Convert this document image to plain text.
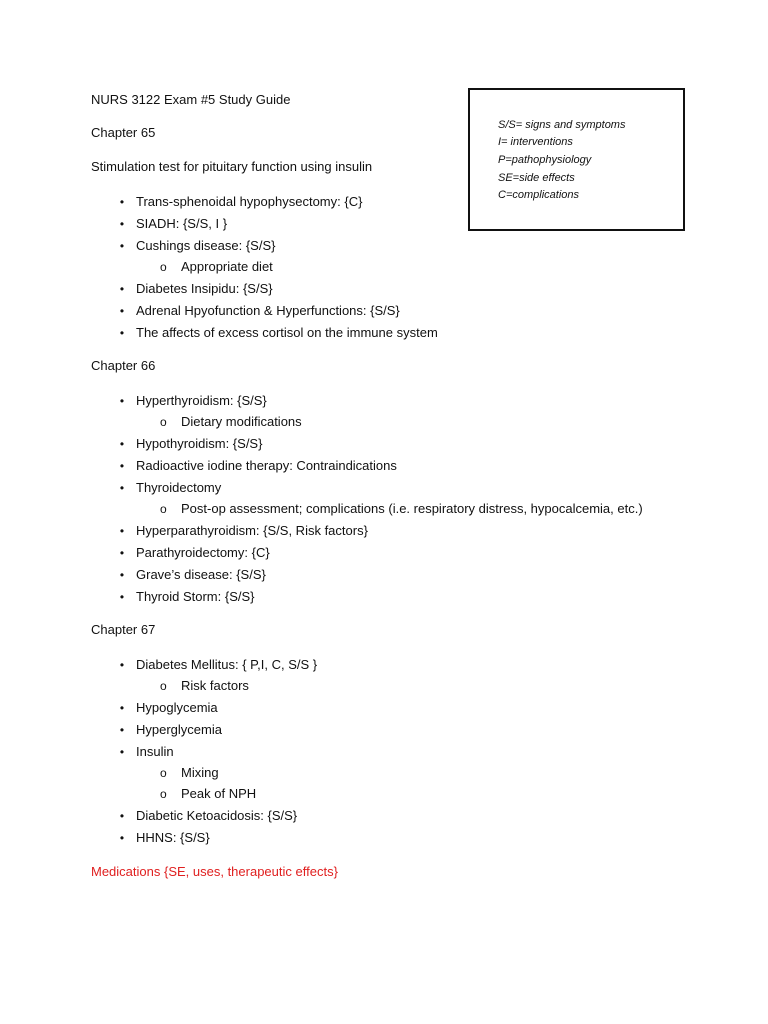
NURS 3122 Exam #5 Study Guide
S/S= signs and symptoms
I= interventions
P=pathophysiology
SE=side effects
C=complications
Chapter 65
Stimulation test for pituitary function using insulin
• Trans-sphenoidal hypophysectomy: {C}
• SIADH: {S/S, I }
• Cushings disease: {S/S}
o Appropriate diet
• Diabetes Insipidu: {S/S}
• Adrenal Hpyofunction & Hyperfunctions: {S/S}
• The affects of excess cortisol on the immune system
Chapter 66
• Hyperthyroidism: {S/S}
o Dietary modifications
• Hypothyroidism: {S/S}
• Radioactive iodine therapy: Contraindications
• Thyroidectomy
o Post-op assessment; complications (i.e. respiratory distress, hypocalcemia, etc.)
• Hyperparathyroidism: {S/S, Risk factors}
• Parathyroidectomy: {C}
• Grave’s disease: {S/S}
• Thyroid Storm: {S/S}
Chapter 67
• Diabetes Mellitus: { P,I, C, S/S }
o Risk factors
• Hypoglycemia
• Hyperglycemia
• Insulin
o Mixing
o Peak of NPH
• Diabetic Ketoacidosis: {S/S}
• HHNS: {S/S}
Medications {SE, uses, therapeutic effects}
